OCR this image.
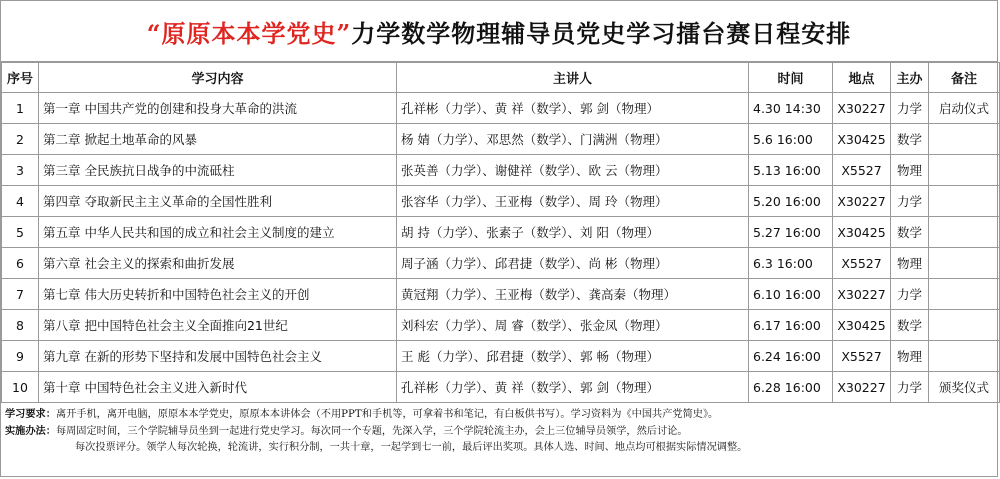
“原原本本学党史”力学数学物理辅导员党史学习擂台赛日程安排
序号	学习内容	主讲人	时间	地点	主办	备注
1	第一章 中国共产党的创建和投身大革命的洪流	孔祥彬（力学）、黄 祥（数学）、郭 剑（物理）	4.30 14:30	X30227	力学	启动仪式
2	第二章 掀起土地革命的风暴	杨 婧（力学）、邓思然（数学）、门满洲（物理）	5.6 16:00	X30425	数学	
3	第三章 全民族抗日战争的中流砥柱	张英善（力学）、谢健祥（数学）、欧 云（物理）	5.13 16:00	X5527	物理	
4	第四章 夺取新民主主义革命的全国性胜利	张容华（力学）、王亚梅（数学）、周 玲（物理）	5.20 16:00	X30227	力学	
5	第五章 中华人民共和国的成立和社会主义制度的建立	胡 持（力学）、张素子（数学）、刘 阳（物理）	5.27 16:00	X30425	数学	
6	第六章 社会主义的探索和曲折发展	周子涵（力学）、邱君捷（数学）、尚 彬（物理）	6.3 16:00	X5527	物理	
7	第七章 伟大历史转折和中国特色社会主义的开创	黄冠翔（力学）、王亚梅（数学）、龚高秦（物理）	6.10 16:00	X30227	力学	
8	第八章 把中国特色社会主义全面推向21世纪	刘科宏（力学）、周 睿（数学）、张金凤（物理）	6.17 16:00	X30425	数学	
9	第九章 在新的形势下坚持和发展中国特色社会主义	王 彪（力学）、邱君捷（数学）、郭 畅（物理）	6.24 16:00	X5527	物理	
10	第十章 中国特色社会主义进入新时代	孔祥彬（力学）、黄 祥（数学）、郭 剑（物理）	6.28 16:00	X30227	力学	颁奖仪式
学习要求：离开手机，离开电脑，原原本本学党史，原原本本讲体会（不用PPT和手机等，可拿着书和笔记，有白板供书写）。学习资料为《中国共产党简史》。
实施办法：每周固定时间，三个学院辅导员坐到一起进行党史学习。每次同一个专题，先深入学，三个学院轮流主办，会上三位辅导员领学，然后讨论。
每次投票评分。领学人每次轮换，轮流讲，实行积分制，一共十章，一起学到七一前，最后评出奖项。具体人选、时间、地点均可根据实际情况调整。
